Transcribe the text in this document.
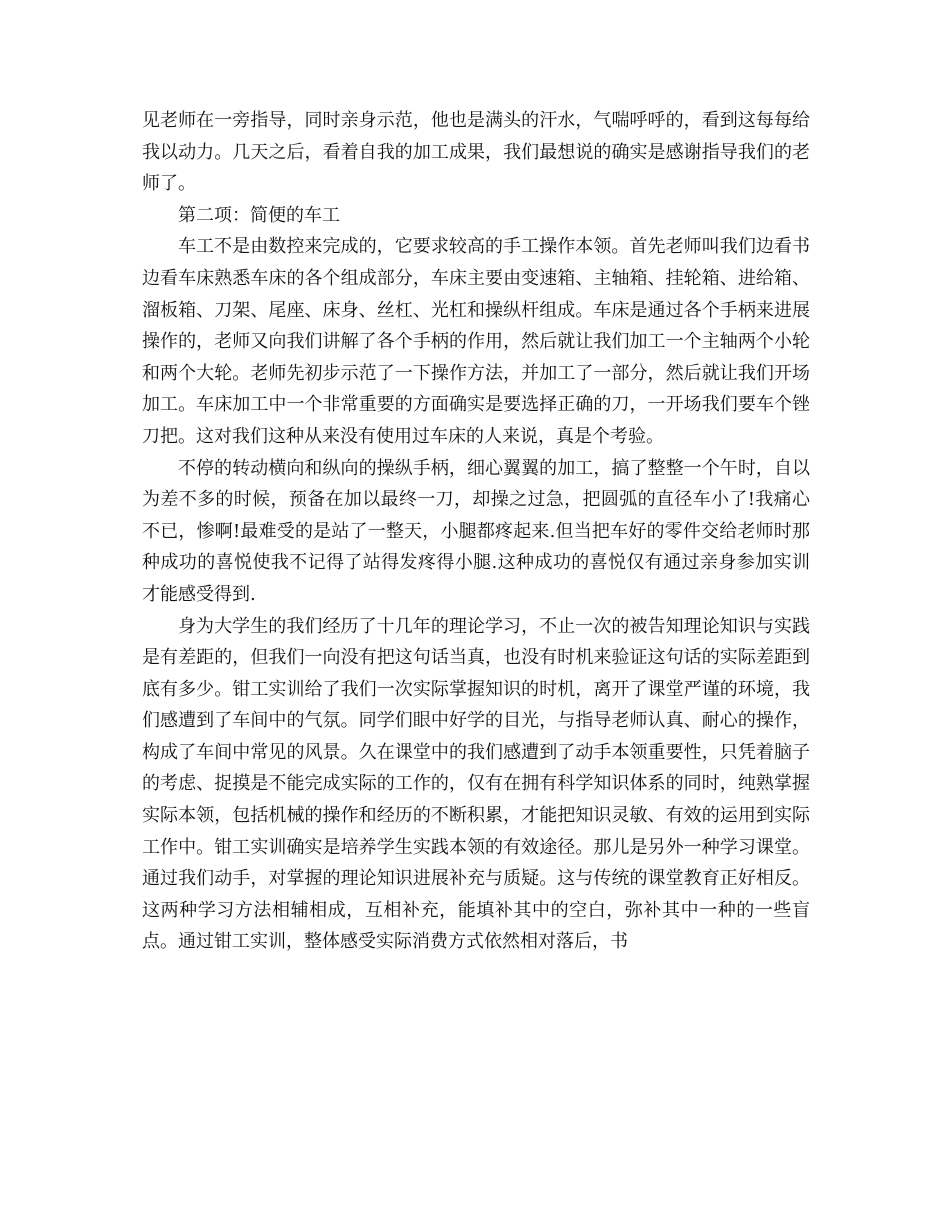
见老师在一旁指导，同时亲身示范，他也是满头的汗水，气喘呼呼的，看到这每每给我以动力。几天之后，看着自我的加工成果，我们最想说的确实是感谢指导我们的老师了。

第二项：简便的车工

车工不是由数控来完成的，它要求较高的手工操作本领。首先老师叫我们边看书边看车床熟悉车床的各个组成部分，车床主要由变速箱、主轴箱、挂轮箱、进给箱、溜板箱、刀架、尾座、床身、丝杠、光杠和操纵杆组成。车床是通过各个手柄来进展操作的，老师又向我们讲解了各个手柄的作用，然后就让我们加工一个主轴两个小轮和两个大轮。老师先初步示范了一下操作方法，并加工了一部分，然后就让我们开场加工。车床加工中一个非常重要的方面确实是要选择正确的刀，一开场我们要车个锉刀把。这对我们这种从来没有使用过车床的人来说，真是个考验。

不停的转动横向和纵向的操纵手柄，细心翼翼的加工，搞了整整一个午时，自以为差不多的时候，预备在加以最终一刀，却操之过急，把圆弧的直径车小了!我痛心不已，惨啊!最难受的是站了一整天，小腿都疼起来.但当把车好的零件交给老师时那种成功的喜悦使我不记得了站得发疼得小腿.这种成功的喜悦仅有通过亲身参加实训才能感受得到.

身为大学生的我们经历了十几年的理论学习，不止一次的被告知理论知识与实践是有差距的，但我们一向没有把这句话当真，也没有时机来验证这句话的实际差距到底有多少。钳工实训给了我们一次实际掌握知识的时机，离开了课堂严谨的环境，我们感遭到了车间中的气氛。同学们眼中好学的目光，与指导老师认真、耐心的操作，构成了车间中常见的风景。久在课堂中的我们感遭到了动手本领重要性，只凭着脑子的考虑、捉摸是不能完成实际的工作的，仅有在拥有科学知识体系的同时，纯熟掌握实际本领，包括机械的操作和经历的不断积累，才能把知识灵敏、有效的运用到实际工作中。钳工实训确实是培养学生实践本领的有效途径。那儿是另外一种学习课堂。通过我们动手，对掌握的理论知识进展补充与质疑。这与传统的课堂教育正好相反。这两种学习方法相辅相成，互相补充，能填补其中的空白，弥补其中一种的一些盲点。通过钳工实训，整体感受实际消费方式依然相对落后，书
